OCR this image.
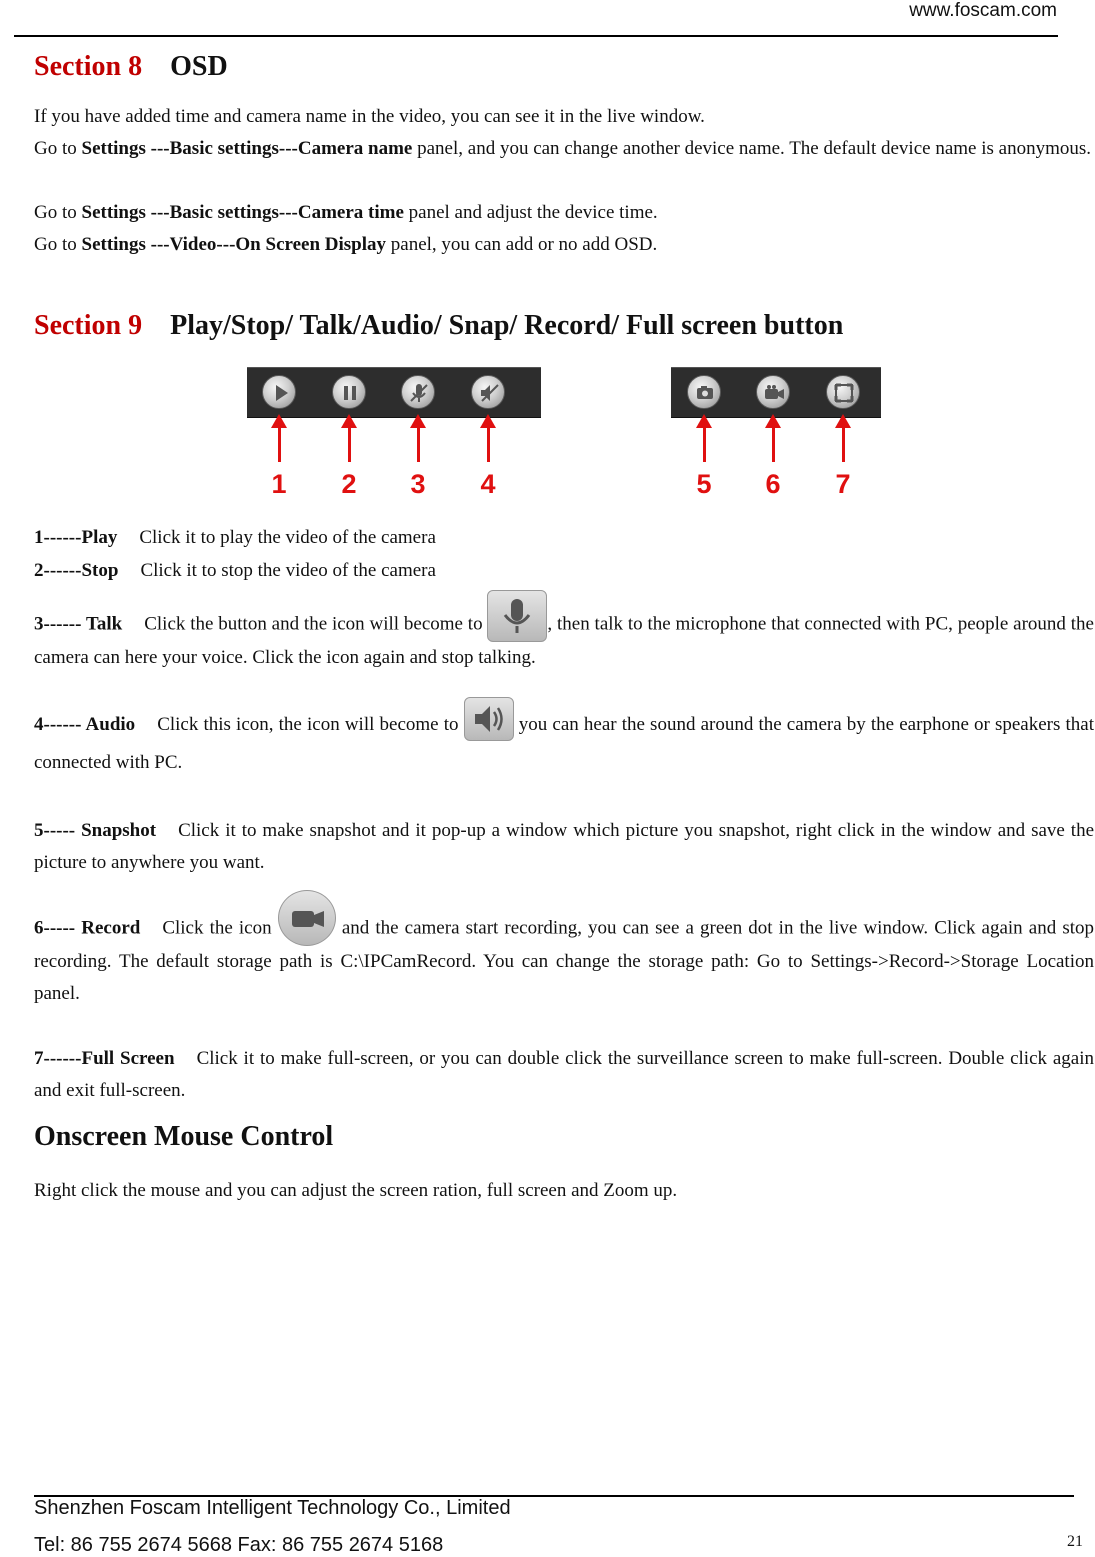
www.foscam.com
Section 8 OSD
If you have added time and camera name in the video, you can see it in the live window.
Go to Settings ---Basic settings---Camera name panel, and you can change another device name. The default device name is anonymous.
Go to Settings ---Basic settings---Camera time panel and adjust the device time.
Go to Settings ---Video---On Screen Display panel, you can add or no add OSD.
Section 9 Play/Stop/ Talk/Audio/ Snap/ Record/ Full screen button
1 2 3 4	5 6 7
1------Play Click it to play the video of the camera
2------Stop Click it to stop the video of the camera
3------ Talk Click the button and the icon will become to	, then talk to the microphone that connected with PC, people around the camera can here your voice. Click the icon again and stop talking.
4------ Audio Click this icon, the icon will become to	you can hear the sound around the camera by the earphone or speakers that connected with PC.
5----- Snapshot Click it to make snapshot and it pop-up a window which picture you snapshot, right click in the window and save the picture to anywhere you want.
6----- Record Click the icon	and the camera start recording, you can see a green dot in the live window. Click again and stop recording. The default storage path is C:\IPCamRecord. You can change the storage path: Go to Settings->Record->Storage Location panel.
7------Full Screen Click it to make full-screen, or you can double click the surveillance screen to make full-screen. Double click again and exit full-screen.
Onscreen Mouse Control
Right click the mouse and you can adjust the screen ration, full screen and Zoom up.
Shenzhen Foscam Intelligent Technology Co., Limited
Tel: 86 755 2674 5668 Fax: 86 755 2674 5168	21
